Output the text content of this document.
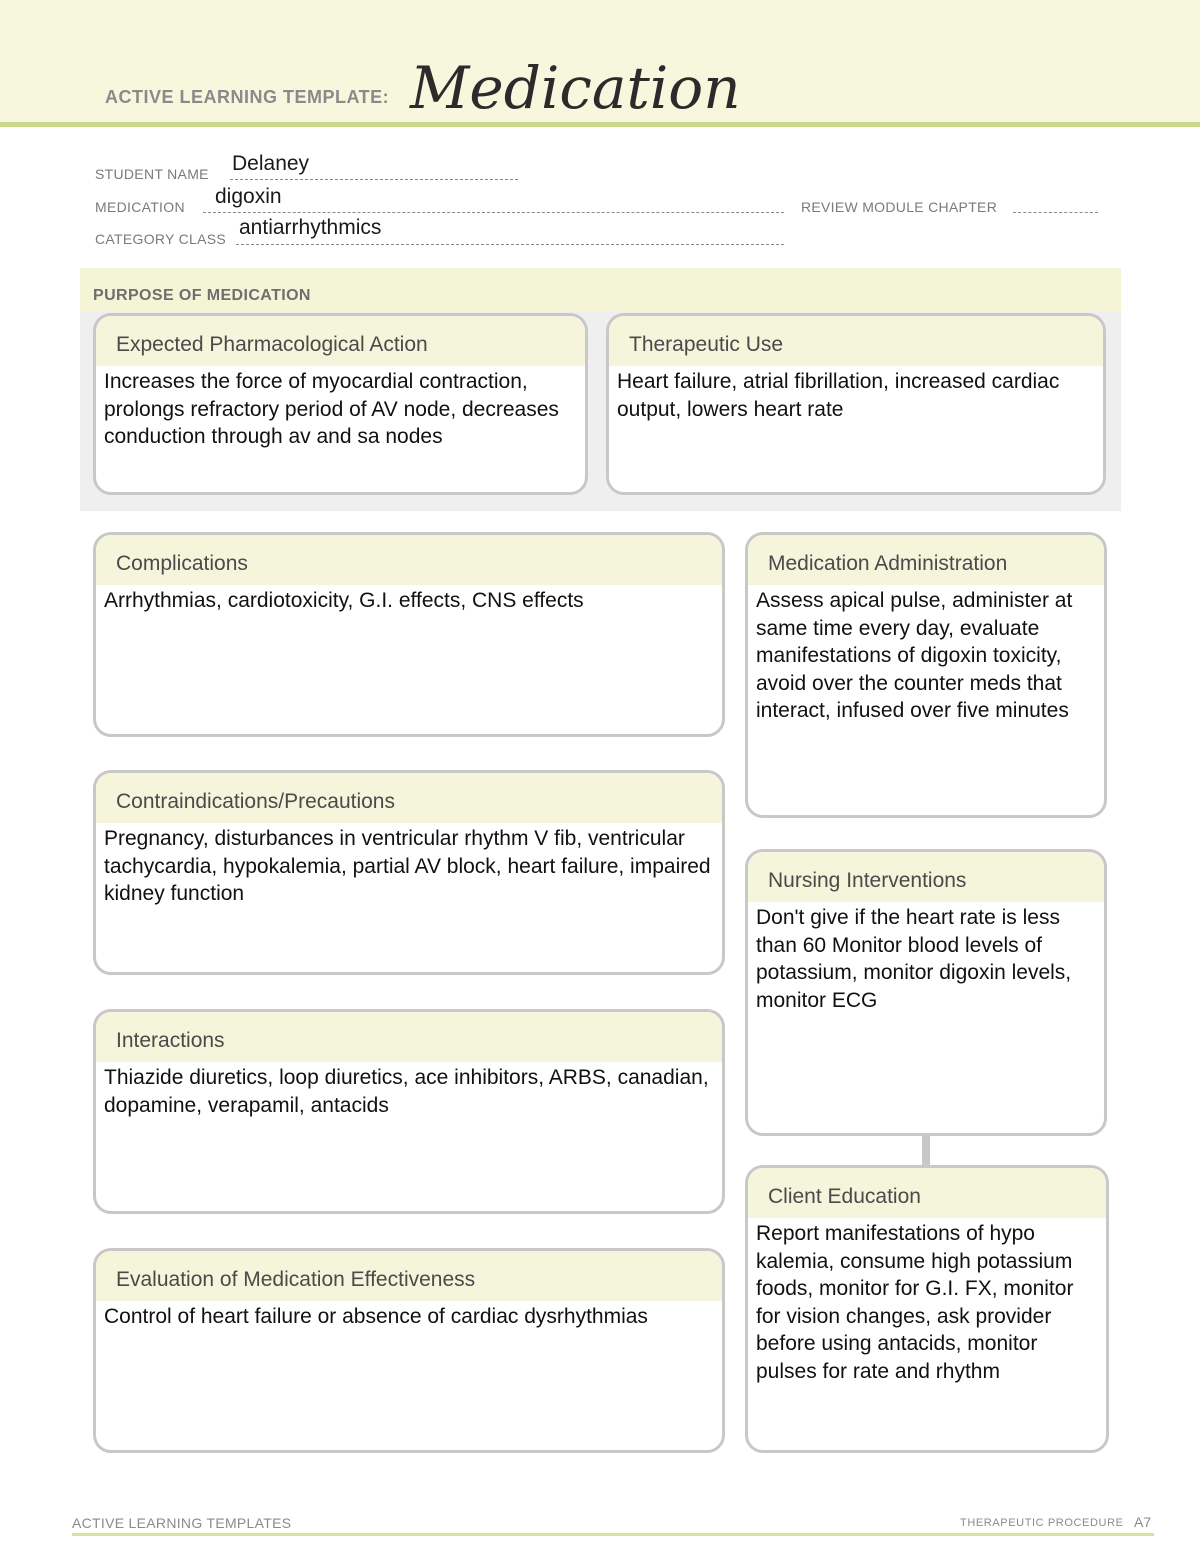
ACTIVE LEARNING TEMPLATE: Medication
STUDENT NAME Delaney
MEDICATION digoxin	REVIEW MODULE CHAPTER
CATEGORY CLASS antiarrhythmics
PURPOSE OF MEDICATION
Expected Pharmacological Action
Increases the force of myocardial contraction, prolongs refractory period of AV node, decreases conduction through av and sa nodes
Therapeutic Use
Heart failure, atrial fibrillation, increased cardiac output, lowers heart rate
Complications
Arrhythmias, cardiotoxicity, G.I. effects, CNS effects
Contraindications/Precautions
Pregnancy, disturbances in ventricular rhythm V fib, ventricular tachycardia, hypokalemia, partial AV block, heart failure, impaired kidney function
Interactions
Thiazide diuretics, loop diuretics, ace inhibitors, ARBS, canadian, dopamine, verapamil, antacids
Evaluation of Medication Effectiveness
Control of heart failure or absence of cardiac dysrhythmias
Medication Administration
Assess apical pulse, administer at same time every day, evaluate manifestations of digoxin toxicity, avoid over the counter meds that interact, infused over five minutes
Nursing Interventions
Don't give if the heart rate is less than 60 Monitor blood levels of potassium, monitor digoxin levels, monitor ECG
Client Education
Report manifestations of hypo kalemia, consume high potassium foods, monitor for G.I. FX, monitor for vision changes, ask provider before using antacids, monitor pulses for rate and rhythm
ACTIVE LEARNING TEMPLATES	THERAPEUTIC PROCEDURE A7
